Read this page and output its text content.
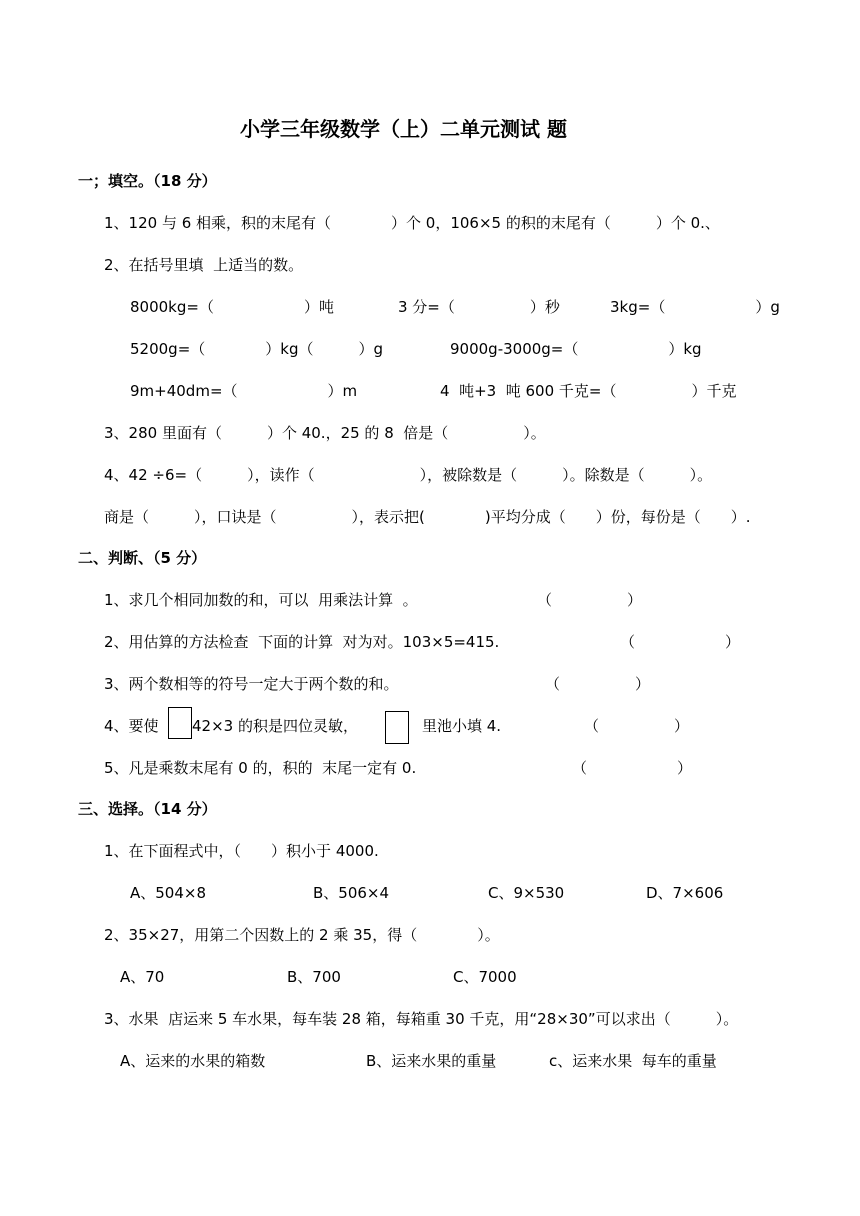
小学三年级数学（上）二单元测试 题
一；填空。（18 分）
1、120 与 6 相乘，积的末尾有（　　　　）个 0，106×5 的积的末尾有（　　　）个 0.、
2、在括号里填  上适当的数。
8000kg=（　　　　　　）吨	3 分=（　　　　　）秒	3kg=（　　　　　　）g
5200g=（　　　　）kg（　　　）g	9000g-3000g=（　　　　　　）kg
9m+40dm=（　　　　　　）m	4  吨+3  吨 600 千克=（　　　　　）千克
3、280 里面有（　　　）个 40.，25 的 8  倍是（　　　　　）。
4、42 ÷6=（　　　），读作（　　　　　　　），被除数是（　　　）。除数是（　　　）。
商是（　　　），口诀是（　　　　　），表示把(　　　　)平均分成（　　）份，每份是（　　）.
二、判断、（5 分）
1、求几个相同加数的和，可以  用乘法计算  。	（　　　　　）
2、用估算的方法检查  下面的计算  对为对。103×5=415.	（　　　　　　）
3、两个数相等的符号一定大于两个数的和。	（　　　　　）
4、要使 42×3 的积是四位灵敏，	里池小填 4.	（　　　　　）
5、凡是乘数末尾有 0 的，积的  末尾一定有 0.	（　　　　　　）
三、选择。（14 分）
1、在下面程式中，（　　）积小于 4000.
A、504×8	B、506×4	C、9×530	D、7×606
2、35×27，用第二个因数上的 2 乘 35，得（　　　　）。
A、70	B、700	C、7000
3、水果  店运来 5 车水果，每车装 28 箱，每箱重 30 千克，用“28×30”可以求出（　　　）。
A、运来的水果的箱数	B、运来水果的重量	c、运来水果  每车的重量
